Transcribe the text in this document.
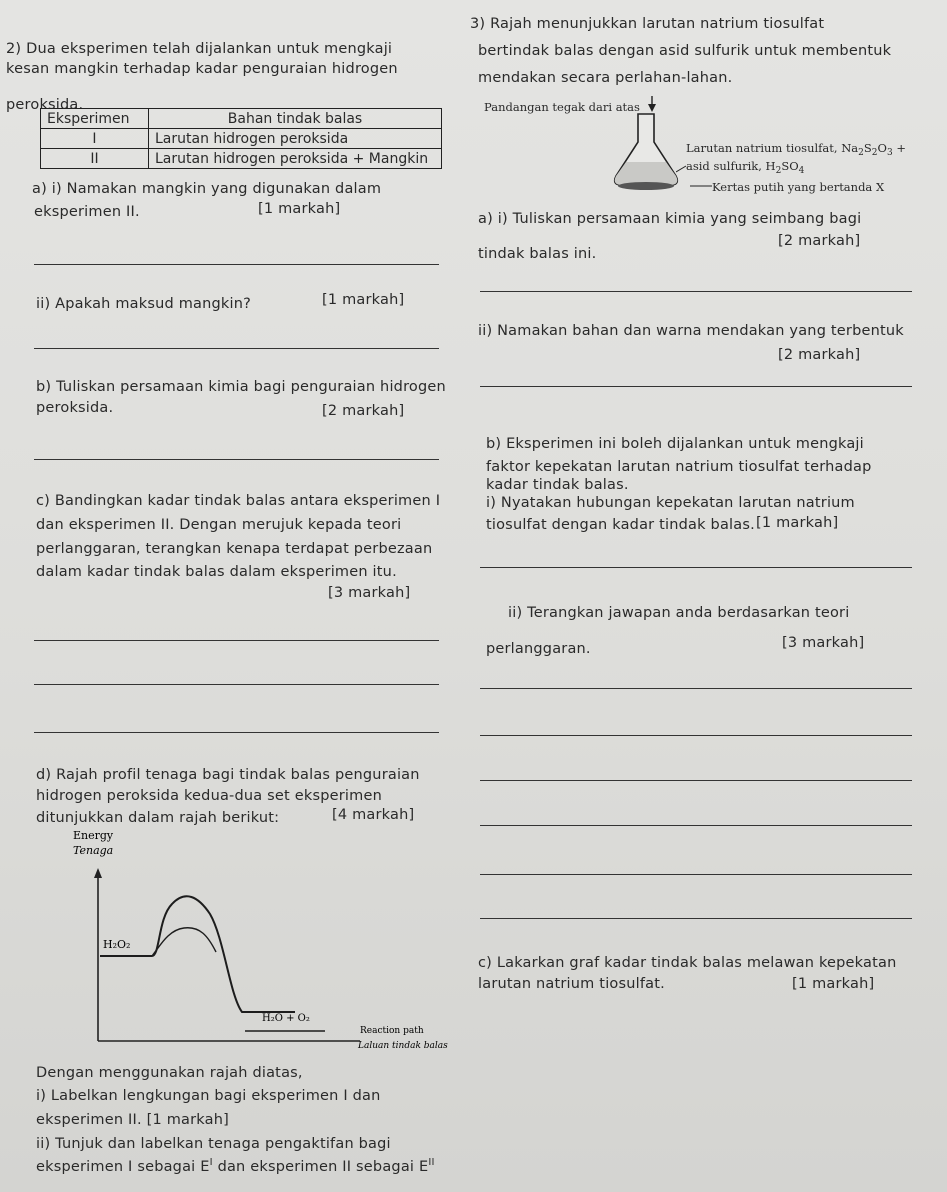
2) Dua eksperimen telah dijalankan untuk mengkaji
kesan mangkin terhadap kadar penguraian hidrogen
peroksida.
Eksperimen	Bahan tindak balas
I	Larutan hidrogen peroksida
II	Larutan hidrogen peroksida + Mangkin
a) i) Namakan mangkin yang digunakan dalam
eksperimen II.	[1 markah]
ii) Apakah maksud mangkin?	[1 markah]
b) Tuliskan persamaan kimia bagi penguraian hidrogen
peroksida.	[2 markah]
c) Bandingkan kadar tindak balas antara eksperimen I
dan eksperimen II. Dengan merujuk kepada teori
perlanggaran, terangkan kenapa terdapat perbezaan
dalam kadar tindak balas dalam eksperimen itu.
[3 markah]
d) Rajah profil tenaga bagi tindak balas penguraian
hidrogen peroksida kedua-dua set eksperimen
ditunjukkan dalam rajah berikut:	[4 markah]
Energy
Tenaga
H₂O₂
H₂O + O₂
Reaction path
Laluan tindak balas
Dengan menggunakan rajah diatas,
i) Labelkan lengkungan bagi eksperimen I dan
eksperimen II. [1 markah]
ii) Tunjuk dan labelkan tenaga pengaktifan bagi
eksperimen I sebagai $E^I$ dan eksperimen II sebagai $E^{II}$
3) Rajah menunjukkan larutan natrium tiosulfat
bertindak balas dengan asid sulfurik untuk membentuk
mendakan secara perlahan-lahan.
Pandangan tegak dari atas
Larutan natrium tiosulfat, $Na_2S_2O_3$ +
asid sulfurik, $H_2SO_4$
Kertas putih yang bertanda X
a) i) Tuliskan persamaan kimia yang seimbang bagi
tindak balas ini.
[2 markah]
ii) Namakan bahan dan warna mendakan yang terbentuk
[2 markah]
b) Eksperimen ini boleh dijalankan untuk mengkaji
faktor kepekatan larutan natrium tiosulfat terhadap
kadar tindak balas.
i) Nyatakan hubungan kepekatan larutan natrium
tiosulfat dengan kadar tindak balas. [1 markah]
ii) Terangkan jawapan anda berdasarkan teori
perlanggaran.	[3 markah]
c) Lakarkan graf kadar tindak balas melawan kepekatan
larutan natrium tiosulfat.	[1 markah]
